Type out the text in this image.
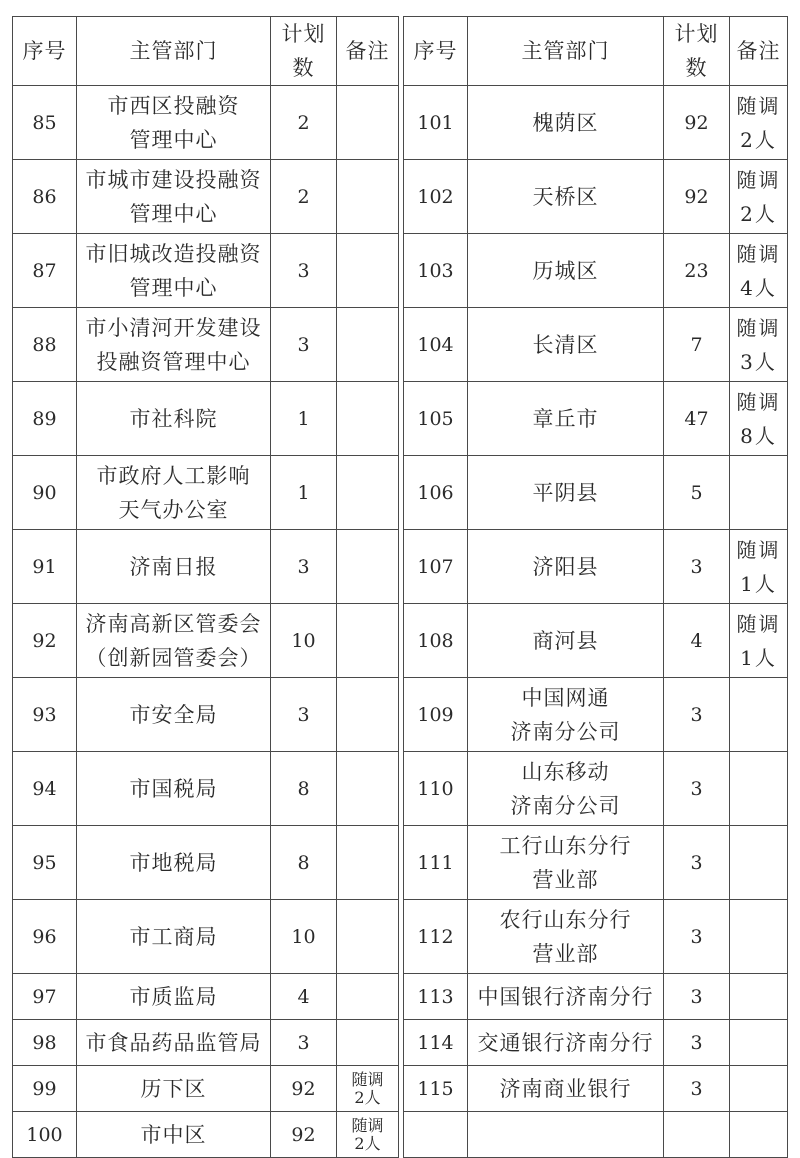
序号	主管部门	计划数	备注
85	市西区投融资
管理中心	2	
86	市城市建设投融资
管理中心	2	
87	市旧城改造投融资
管理中心	3	
88	市小清河开发建设
投融资管理中心	3	
89	市社科院	1	
90	市政府人工影响
天气办公室	1	
91	济南日报	3	
92	济南高新区管委会
（创新园管委会）	10	
93	市安全局	3	
94	市国税局	8	
95	市地税局	8	
96	市工商局	10	
97	市质监局	4	
98	市食品药品监管局	3	
99	历下区	92	随调
2人

100	市中区	92	随调
2人
序号	主管部门	计划数	备注
101	槐荫区	92	随调
2人

102	天桥区	92	随调
2人

103	历城区	23	随调
4人

104	长清区	7	随调
3人

105	章丘市	47	随调
8人

106	平阴县	5	
107	济阳县	3	随调
1人

108	商河县	4	随调
1人

109	中国网通
济南分公司	3	
110	山东移动
济南分公司	3	
111	工行山东分行
营业部	3	
112	农行山东分行
营业部	3	
113	中国银行济南分行	3	
114	交通银行济南分行	3	
115	济南商业银行	3	
